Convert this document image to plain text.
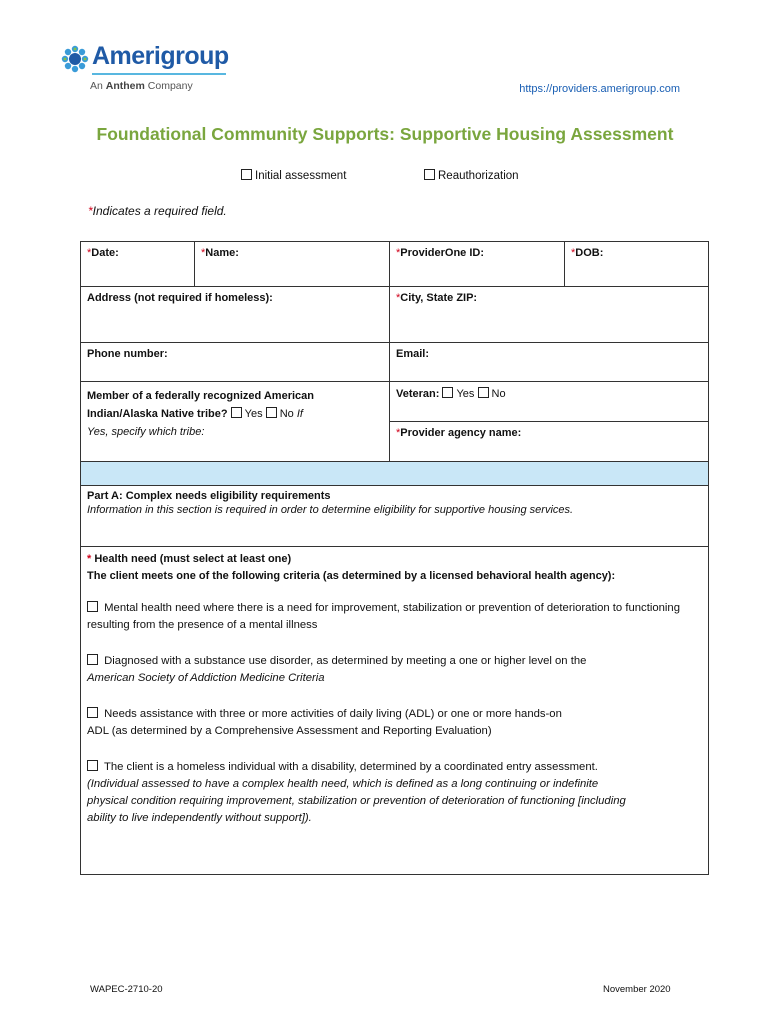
Amerigroup
An Anthem Company	https://providers.amerigroup.com
Foundational Community Supports: Supportive Housing Assessment
Initial assessment	Reauthorization
*Indicates a required field.
*Date:	*Name:	*ProviderOne ID:	*DOB:
Address (not required if homeless):		*City, State ZIP:	
Phone number:		Email:	
Member of a federally recognized American
Indian/Alaska Native tribe? Yes No If
Yes, specify which tribe:		Veteran: Yes No	
		*Provider agency name:	
Part A: Complex needs eligibility requirements
Information in this section is required in order to determine eligibility for supportive housing services.
* Health need (must select at least one)
The client meets one of the following criteria (as determined by a licensed behavioral health agency):
Mental health need where there is a need for improvement, stabilization or prevention of deterioration to functioning resulting from the presence of a mental illness
Diagnosed with a substance use disorder, as determined by meeting a one or higher level on the
American Society of Addiction Medicine Criteria
Needs assistance with three or more activities of daily living (ADL) or one or more hands-on
ADL (as determined by a Comprehensive Assessment and Reporting Evaluation)
The client is a homeless individual with a disability, determined by a coordinated entry assessment. (Individual assessed to have a complex health need, which is defined as a long continuing or indefinite physical condition requiring improvement, stabilization or prevention of deterioration of functioning [including ability to live independently without support]).
WAPEC-2710-20	November 2020
